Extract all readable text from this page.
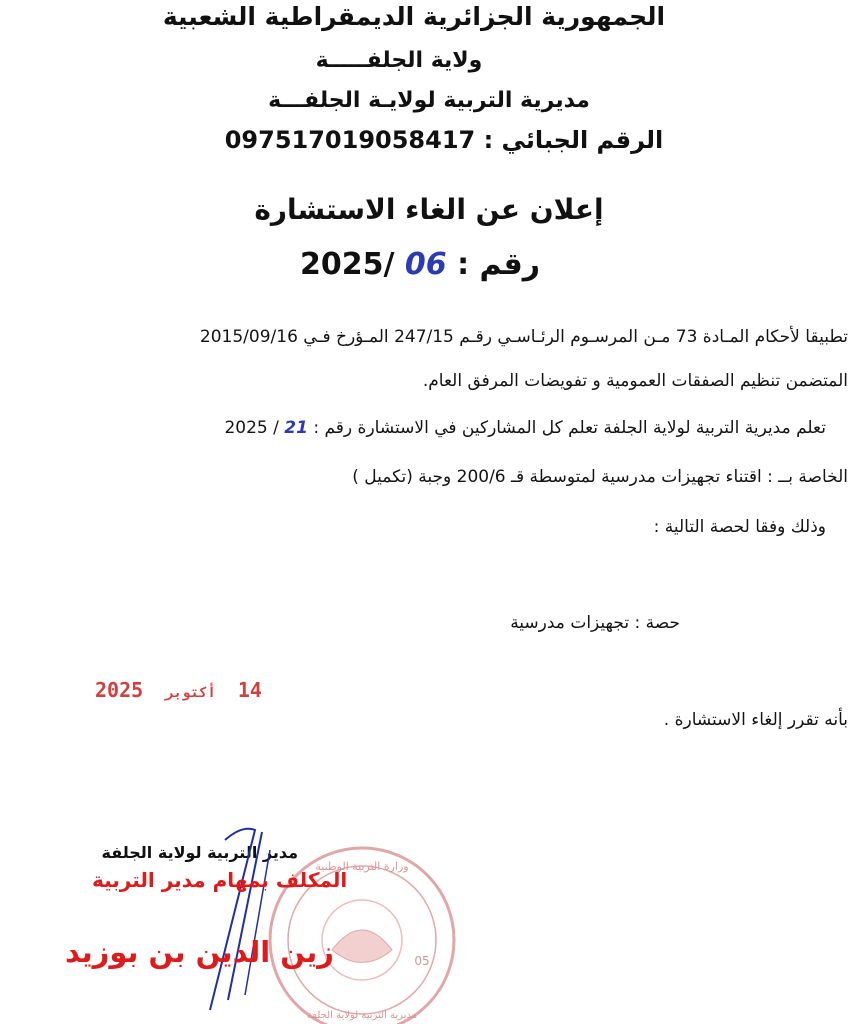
الجمهورية الجزائرية الديمقراطية الشعبية
ولاية الجلفـــــة
مديرية التربية لولايـة الجلفـــة
الرقم الجبائي : 097517019058417
إعلان عن الغاء الاستشارة
رقم : 06 /2025
تطبيقا لأحكام المـادة 73 مـن المرسـوم الرئـاسـي رقـم 247/15 المـؤرخ فـي 2015/09/16
المتضمن تنظيم الصفقات العمومية و تفويضات المرفق العام.
تعلم مديرية التربية لولاية الجلفة تعلم كل المشاركين في الاستشارة رقم : 21 / 2025
الخاصة بــ : اقتناء تجهيزات مدرسية لمتوسطة قـ 200/6 وجبة (تكميل )
وذلك وفقا لحصة التالية :
حصة : تجهيزات مدرسية
14 أكتوبر 2025
بأنه تقرر إلغاء الاستشارة .
مدير التربية لولاية الجلفة
وزارة التربية الوطنية
مديرية التربية لولاية الجلفة
05
المكلف بمهام مدير التربية
زين الدين بن بوزيد
